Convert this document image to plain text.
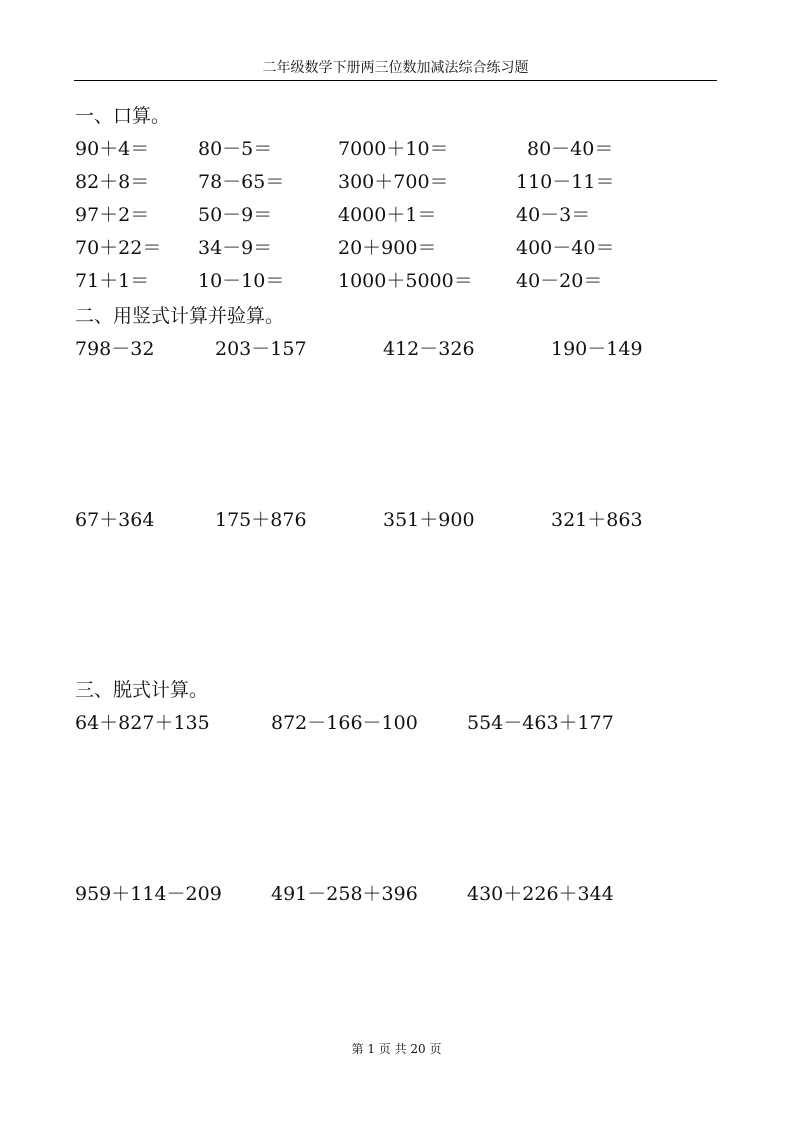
二年级数学下册两三位数加减法综合练习题
一、口算。
90＋4＝	80－5＝	7000＋10＝	80－40＝
82＋8＝	78－65＝	300＋700＝	110－11＝
97＋2＝	50－9＝	4000＋1＝	40－3＝
70＋22＝ 34－9＝	20＋900＝	400－40＝
71＋1＝	10－10＝	1000＋5000＝ 40－20＝
二、用竖式计算并验算。
798－32	203－157	412－326	190－149
67＋364	175＋876	351＋900	321＋863
三、脱式计算。
64＋827＋135	872－166－100	554－463＋177
959＋114－209	491－258＋396	430＋226＋344
第 1 页 共 20 页
